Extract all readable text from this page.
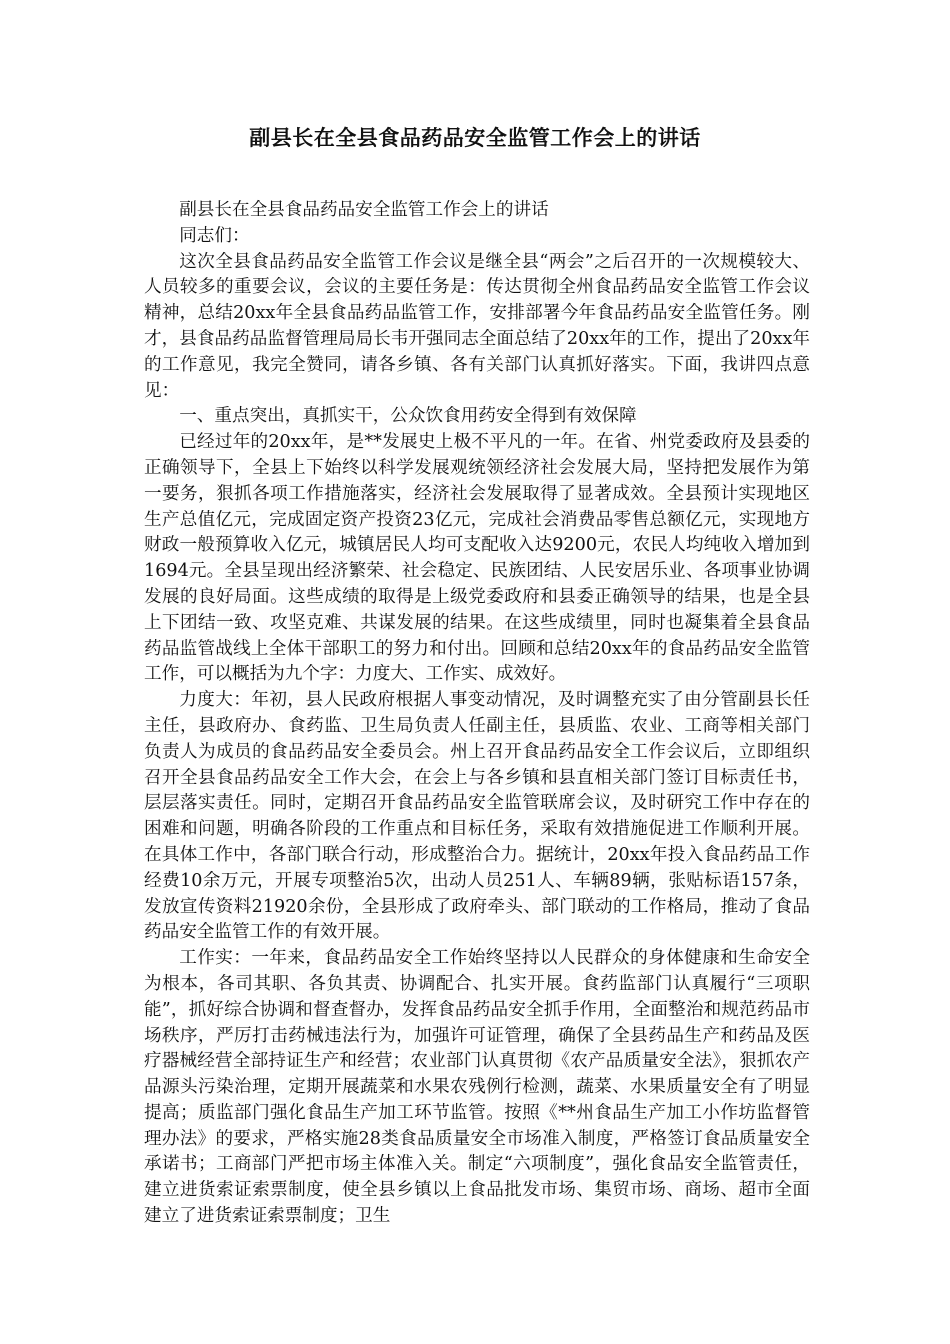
副县长在全县食品药品安全监管工作会上的讲话

副县长在全县食品药品安全监管工作会上的讲话

同志们：

这次全县食品药品安全监管工作会议是继全县“两会”之后召开的一次规模较大、人员较多的重要会议，会议的主要任务是：传达贯彻全州食品药品安全监管工作会议精神，总结20xx年全县食品药品监管工作，安排部署今年食品药品安全监管任务。刚才，县食品药品监督管理局局长韦开强同志全面总结了20xx年的工作，提出了20xx年的工作意见，我完全赞同，请各乡镇、各有关部门认真抓好落实。下面，我讲四点意见：

一、重点突出，真抓实干，公众饮食用药安全得到有效保障

已经过年的20xx年，是**发展史上极不平凡的一年。在省、州党委政府及县委的正确领导下，全县上下始终以科学发展观统领经济社会发展大局，坚持把发展作为第一要务，狠抓各项工作措施落实，经济社会发展取得了显著成效。全县预计实现地区生产总值亿元，完成固定资产投资23亿元，完成社会消费品零售总额亿元，实现地方财政一般预算收入亿元，城镇居民人均可支配收入达9200元，农民人均纯收入增加到1694元。全县呈现出经济繁荣、社会稳定、民族团结、人民安居乐业、各项事业协调发展的良好局面。这些成绩的取得是上级党委政府和县委正确领导的结果，也是全县上下团结一致、攻坚克难、共谋发展的结果。在这些成绩里，同时也凝集着全县食品药品监管战线上全体干部职工的努力和付出。回顾和总结20xx年的食品药品安全监管工作，可以概括为九个字：力度大、工作实、成效好。

力度大：年初，县人民政府根据人事变动情况，及时调整充实了由分管副县长任主任，县政府办、食药监、卫生局负责人任副主任，县质监、农业、工商等相关部门负责人为成员的食品药品安全委员会。州上召开食品药品安全工作会议后，立即组织召开全县食品药品安全工作大会，在会上与各乡镇和县直相关部门签订目标责任书，层层落实责任。同时，定期召开食品药品安全监管联席会议，及时研究工作中存在的困难和问题，明确各阶段的工作重点和目标任务，采取有效措施促进工作顺利开展。在具体工作中，各部门联合行动，形成整治合力。据统计，20xx年投入食品药品工作经费10余万元，开展专项整治5次，出动人员251人、车辆89辆，张贴标语157条，发放宣传资料21920余份，全县形成了政府牵头、部门联动的工作格局，推动了食品药品安全监管工作的有效开展。

工作实：一年来，食品药品安全工作始终坚持以人民群众的身体健康和生命安全为根本，各司其职、各负其责、协调配合、扎实开展。食药监部门认真履行“三项职能”，抓好综合协调和督查督办，发挥食品药品安全抓手作用，全面整治和规范药品市场秩序，严厉打击药械违法行为，加强许可证管理，确保了全县药品生产和药品及医疗器械经营全部持证生产和经营；农业部门认真贯彻《农产品质量安全法》，狠抓农产品源头污染治理，定期开展蔬菜和水果农残例行检测，蔬菜、水果质量安全有了明显提高；质监部门强化食品生产加工环节监管。按照《**州食品生产加工小作坊监督管理办法》的要求，严格实施28类食品质量安全市场准入制度，严格签订食品质量安全承诺书；工商部门严把市场主体准入关。制定“六项制度”，强化食品安全监管责任，建立进货索证索票制度，使全县乡镇以上食品批发市场、集贸市场、商场、超市全面建立了进货索证索票制度；卫生
